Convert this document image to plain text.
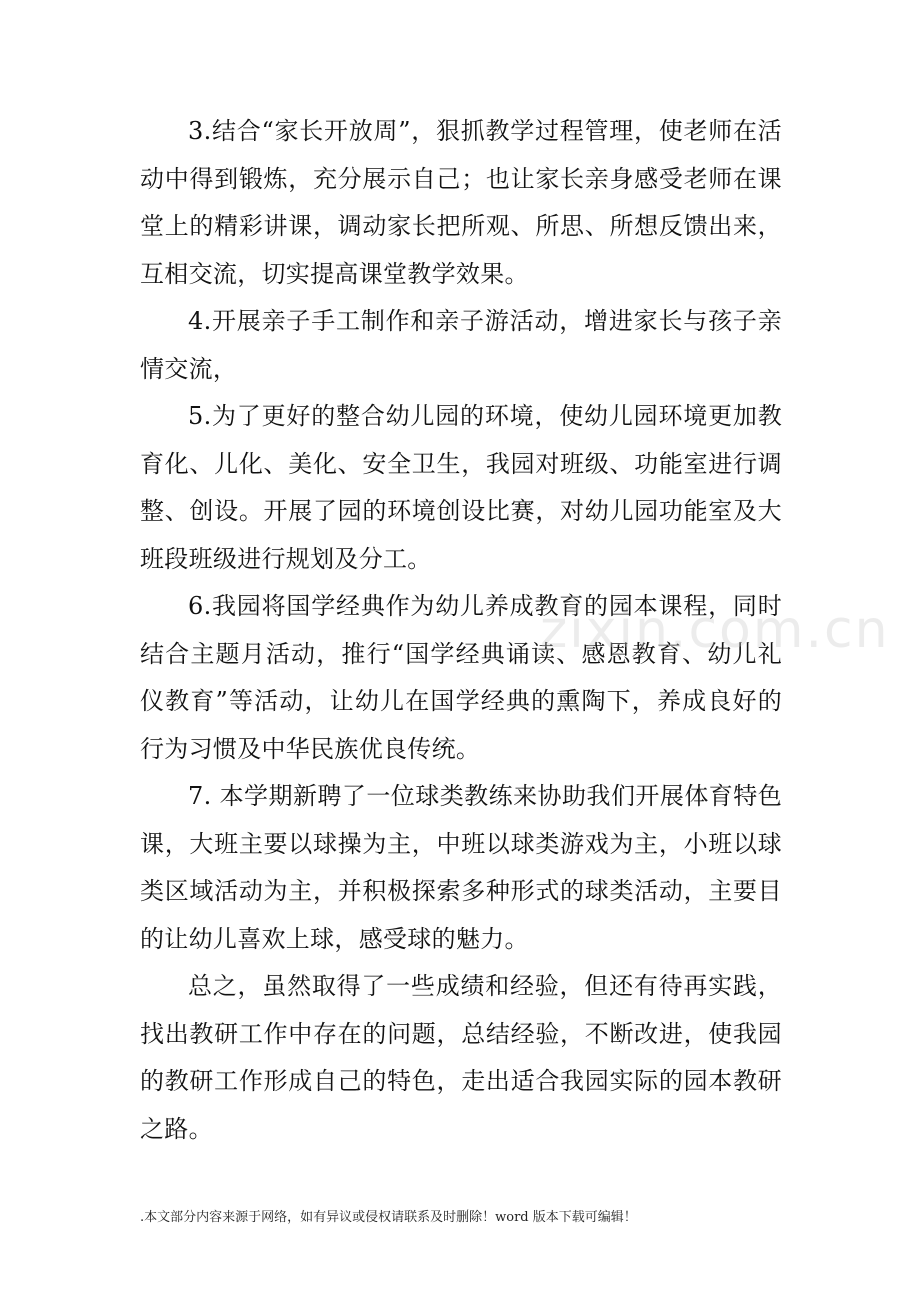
3.结合“家长开放周”，狠抓教学过程管理，使老师在活动中得到锻炼，充分展示自己；也让家长亲身感受老师在课堂上的精彩讲课，调动家长把所观、所思、所想反馈出来，互相交流，切实提高课堂教学效果。

4.开展亲子手工制作和亲子游活动，增进家长与孩子亲情交流，

5.为了更好的整合幼儿园的环境，使幼儿园环境更加教育化、儿化、美化、安全卫生，我园对班级、功能室进行调整、创设。开展了园的环境创设比赛，对幼儿园功能室及大班段班级进行规划及分工。

6.我园将国学经典作为幼儿养成教育的园本课程，同时结合主题月活动，推行“国学经典诵读、感恩教育、幼儿礼仪教育”等活动，让幼儿在国学经典的熏陶下，养成良好的行为习惯及中华民族优良传统。

7. 本学期新聘了一位球类教练来协助我们开展体育特色课，大班主要以球操为主，中班以球类游戏为主，小班以球类区域活动为主，并积极探索多种形式的球类活动，主要目的让幼儿喜欢上球，感受球的魅力。

总之，虽然取得了一些成绩和经验，但还有待再实践，找出教研工作中存在的问题，总结经验，不断改进，使我园的教研工作形成自己的特色，走出适合我园实际的园本教研之路。

zixin.com.cn
.本文部分内容来源于网络，如有异议或侵权请联系及时删除！word 版本下载可编辑！
